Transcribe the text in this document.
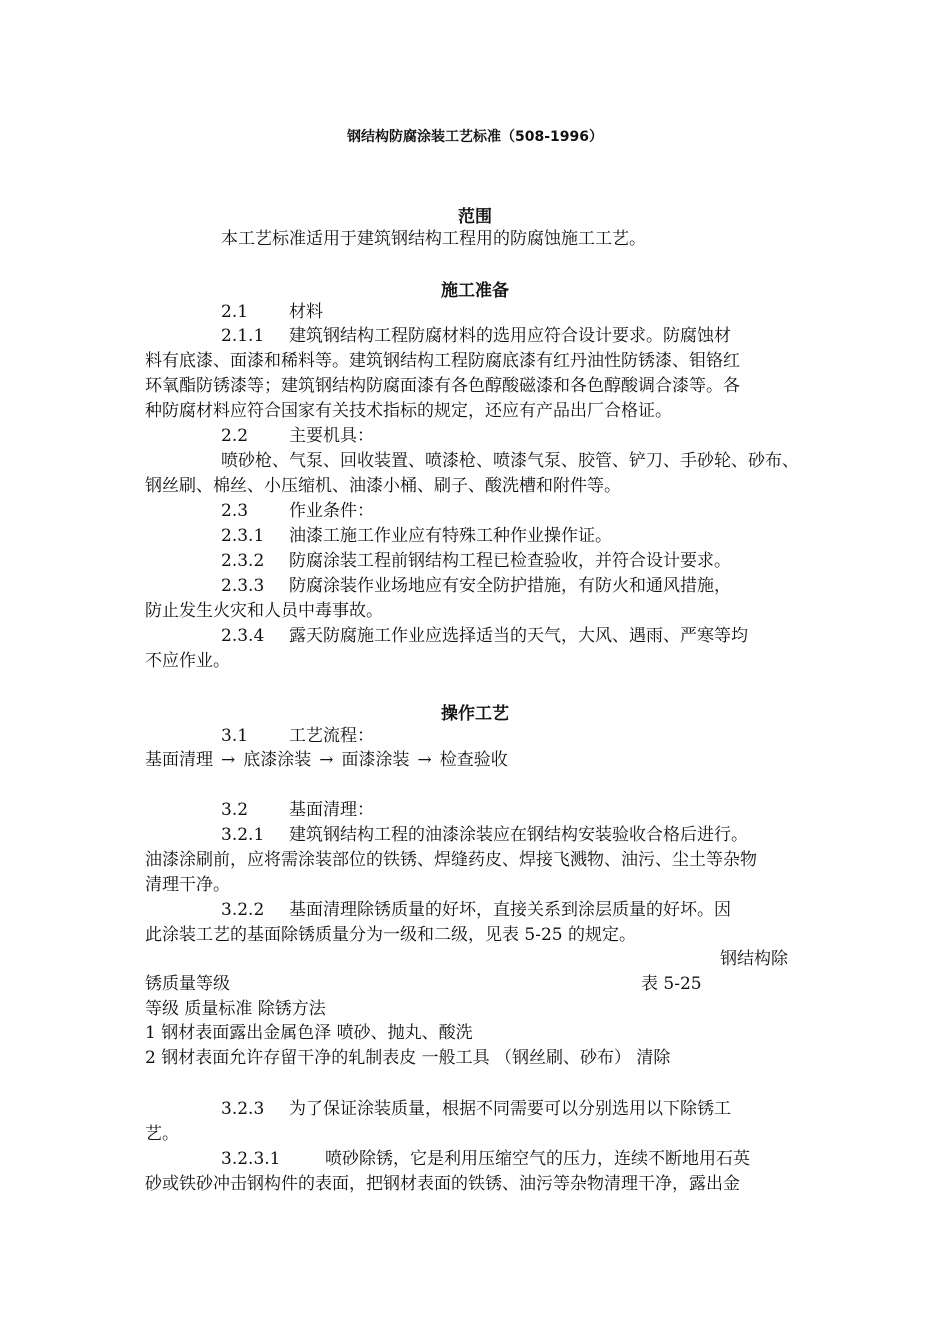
钢结构防腐涂装工艺标准（508-1996）
范围
本工艺标准适用于建筑钢结构工程用的防腐蚀施工工艺。
施工准备
2.1 材料
2.1.1 建筑钢结构工程防腐材料的选用应符合设计要求。防腐蚀材
料有底漆、面漆和稀料等。建筑钢结构工程防腐底漆有红丹油性防锈漆、钼铬红
环氧酯防锈漆等；建筑钢结构防腐面漆有各色醇酸磁漆和各色醇酸调合漆等。各
种防腐材料应符合国家有关技术指标的规定，还应有产品出厂合格证。
2.2 主要机具：
喷砂枪、气泵、回收装置、喷漆枪、喷漆气泵、胶管、铲刀、手砂轮、砂布、
钢丝刷、棉丝、小压缩机、油漆小桶、刷子、酸洗槽和附件等。
2.3 作业条件：
2.3.1 油漆工施工作业应有特殊工种作业操作证。
2.3.2 防腐涂装工程前钢结构工程已检查验收，并符合设计要求。
2.3.3 防腐涂装作业场地应有安全防护措施，有防火和通风措施，
防止发生火灾和人员中毒事故。
2.3.4 露天防腐施工作业应选择适当的天气，大风、遇雨、严寒等均
不应作业。
操作工艺
3.1 工艺流程：
基面清理 → 底漆涂装 → 面漆涂装 → 检查验收
3.2 基面清理：
3.2.1 建筑钢结构工程的油漆涂装应在钢结构安装验收合格后进行。
油漆涂刷前，应将需涂装部位的铁锈、焊缝药皮、焊接飞溅物、油污、尘土等杂物
清理干净。
3.2.2 基面清理除锈质量的好坏，直接关系到涂层质量的好坏。因
此涂装工艺的基面除锈质量分为一级和二级，见表 5-25 的规定。
钢结构除
锈质量等级	表 5-25
等级 质量标准 除锈方法
1 钢材表面露出金属色泽 喷砂、抛丸、酸洗
2 钢材表面允许存留干净的轧制表皮 一般工具 （钢丝刷、砂布） 清除
3.2.3 为了保证涂装质量，根据不同需要可以分别选用以下除锈工
艺。
3.2.3.1	喷砂除锈，它是利用压缩空气的压力，连续不断地用石英
砂或铁砂冲击钢构件的表面，把钢材表面的铁锈、油污等杂物清理干净，露出金
